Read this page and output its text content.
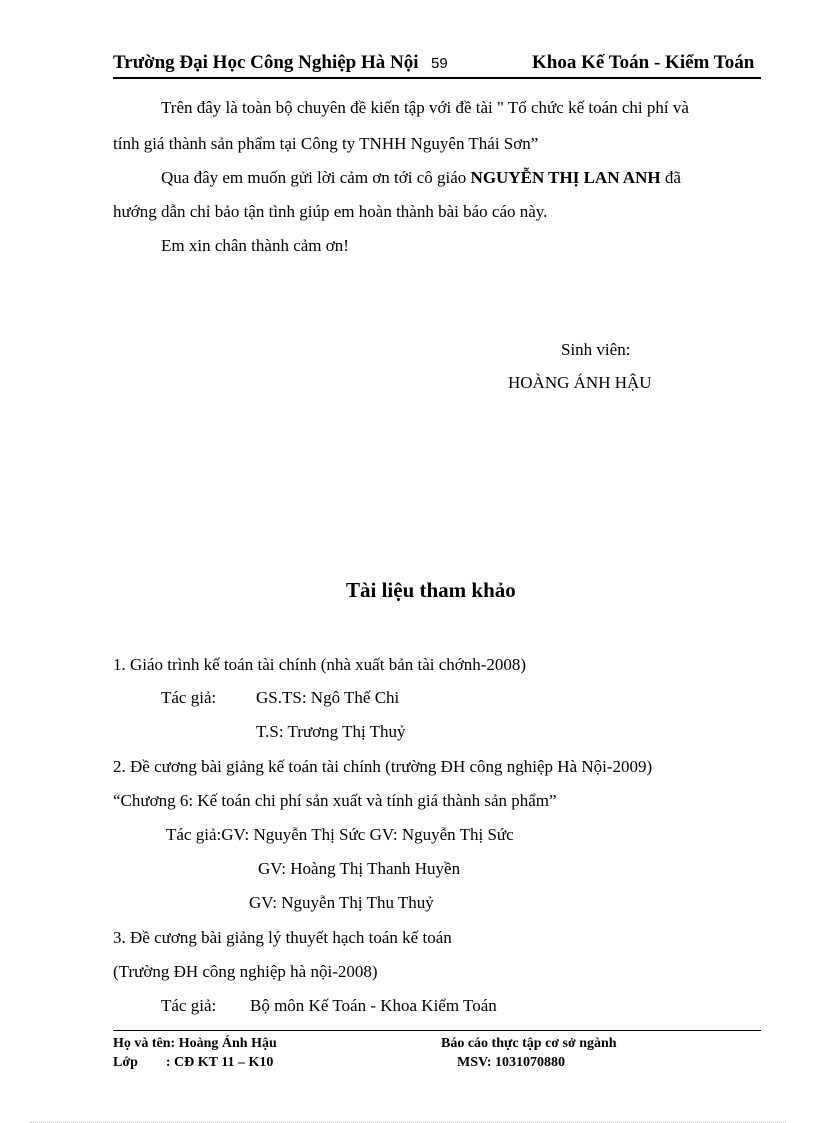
Trường Đại Học Công Nghiệp Hà Nội 59	Khoa Kế Toán - Kiểm Toán
Trên đây là toàn bộ chuyên đề kiến tập với đề tài " Tổ chức kế toán chi phí và
tính giá thành sản phẩm tại Công ty TNHH Nguyên Thái Sơn”
Qua đây em muốn gửi lời cảm ơn tới cô giáo NGUYỄN THỊ LAN ANH đã
hướng dẫn chỉ bảo tận tình giúp em hoàn thành bài báo cáo này.
Em xin chân thành cảm ơn!
Sinh viên:
HOÀNG ÁNH HẬU
Tài liệu tham khảo
1. Giáo trình kế toán tài chính (nhà xuất bản tài chớnh-2008)
Tác giả: GS.TS: Ngô Thế Chi
T.S: Trương Thị Thuỷ
2. Đề cương bài giảng kế toán tài chính (trường ĐH công nghiệp Hà Nội-2009)
“Chương 6: Kế toán chi phí sản xuất và tính giá thành sản phẩm”
Tác giả:GV: Nguyễn Thị Sức GV: Nguyễn Thị Sức
GV: Hoàng Thị Thanh Huyền
GV: Nguyễn Thị Thu Thuỷ
3. Đề cương bài giảng lý thuyết hạch toán kế toán
(Trường ĐH công nghiệp hà nội-2008)
Tác giả: Bộ môn Kế Toán - Khoa Kiểm Toán
Họ và tên: Hoàng Ánh Hậu
Lớp        : CĐ KT 11 – K10
Báo cáo thực tập cơ sở ngành
MSV: 1031070880
